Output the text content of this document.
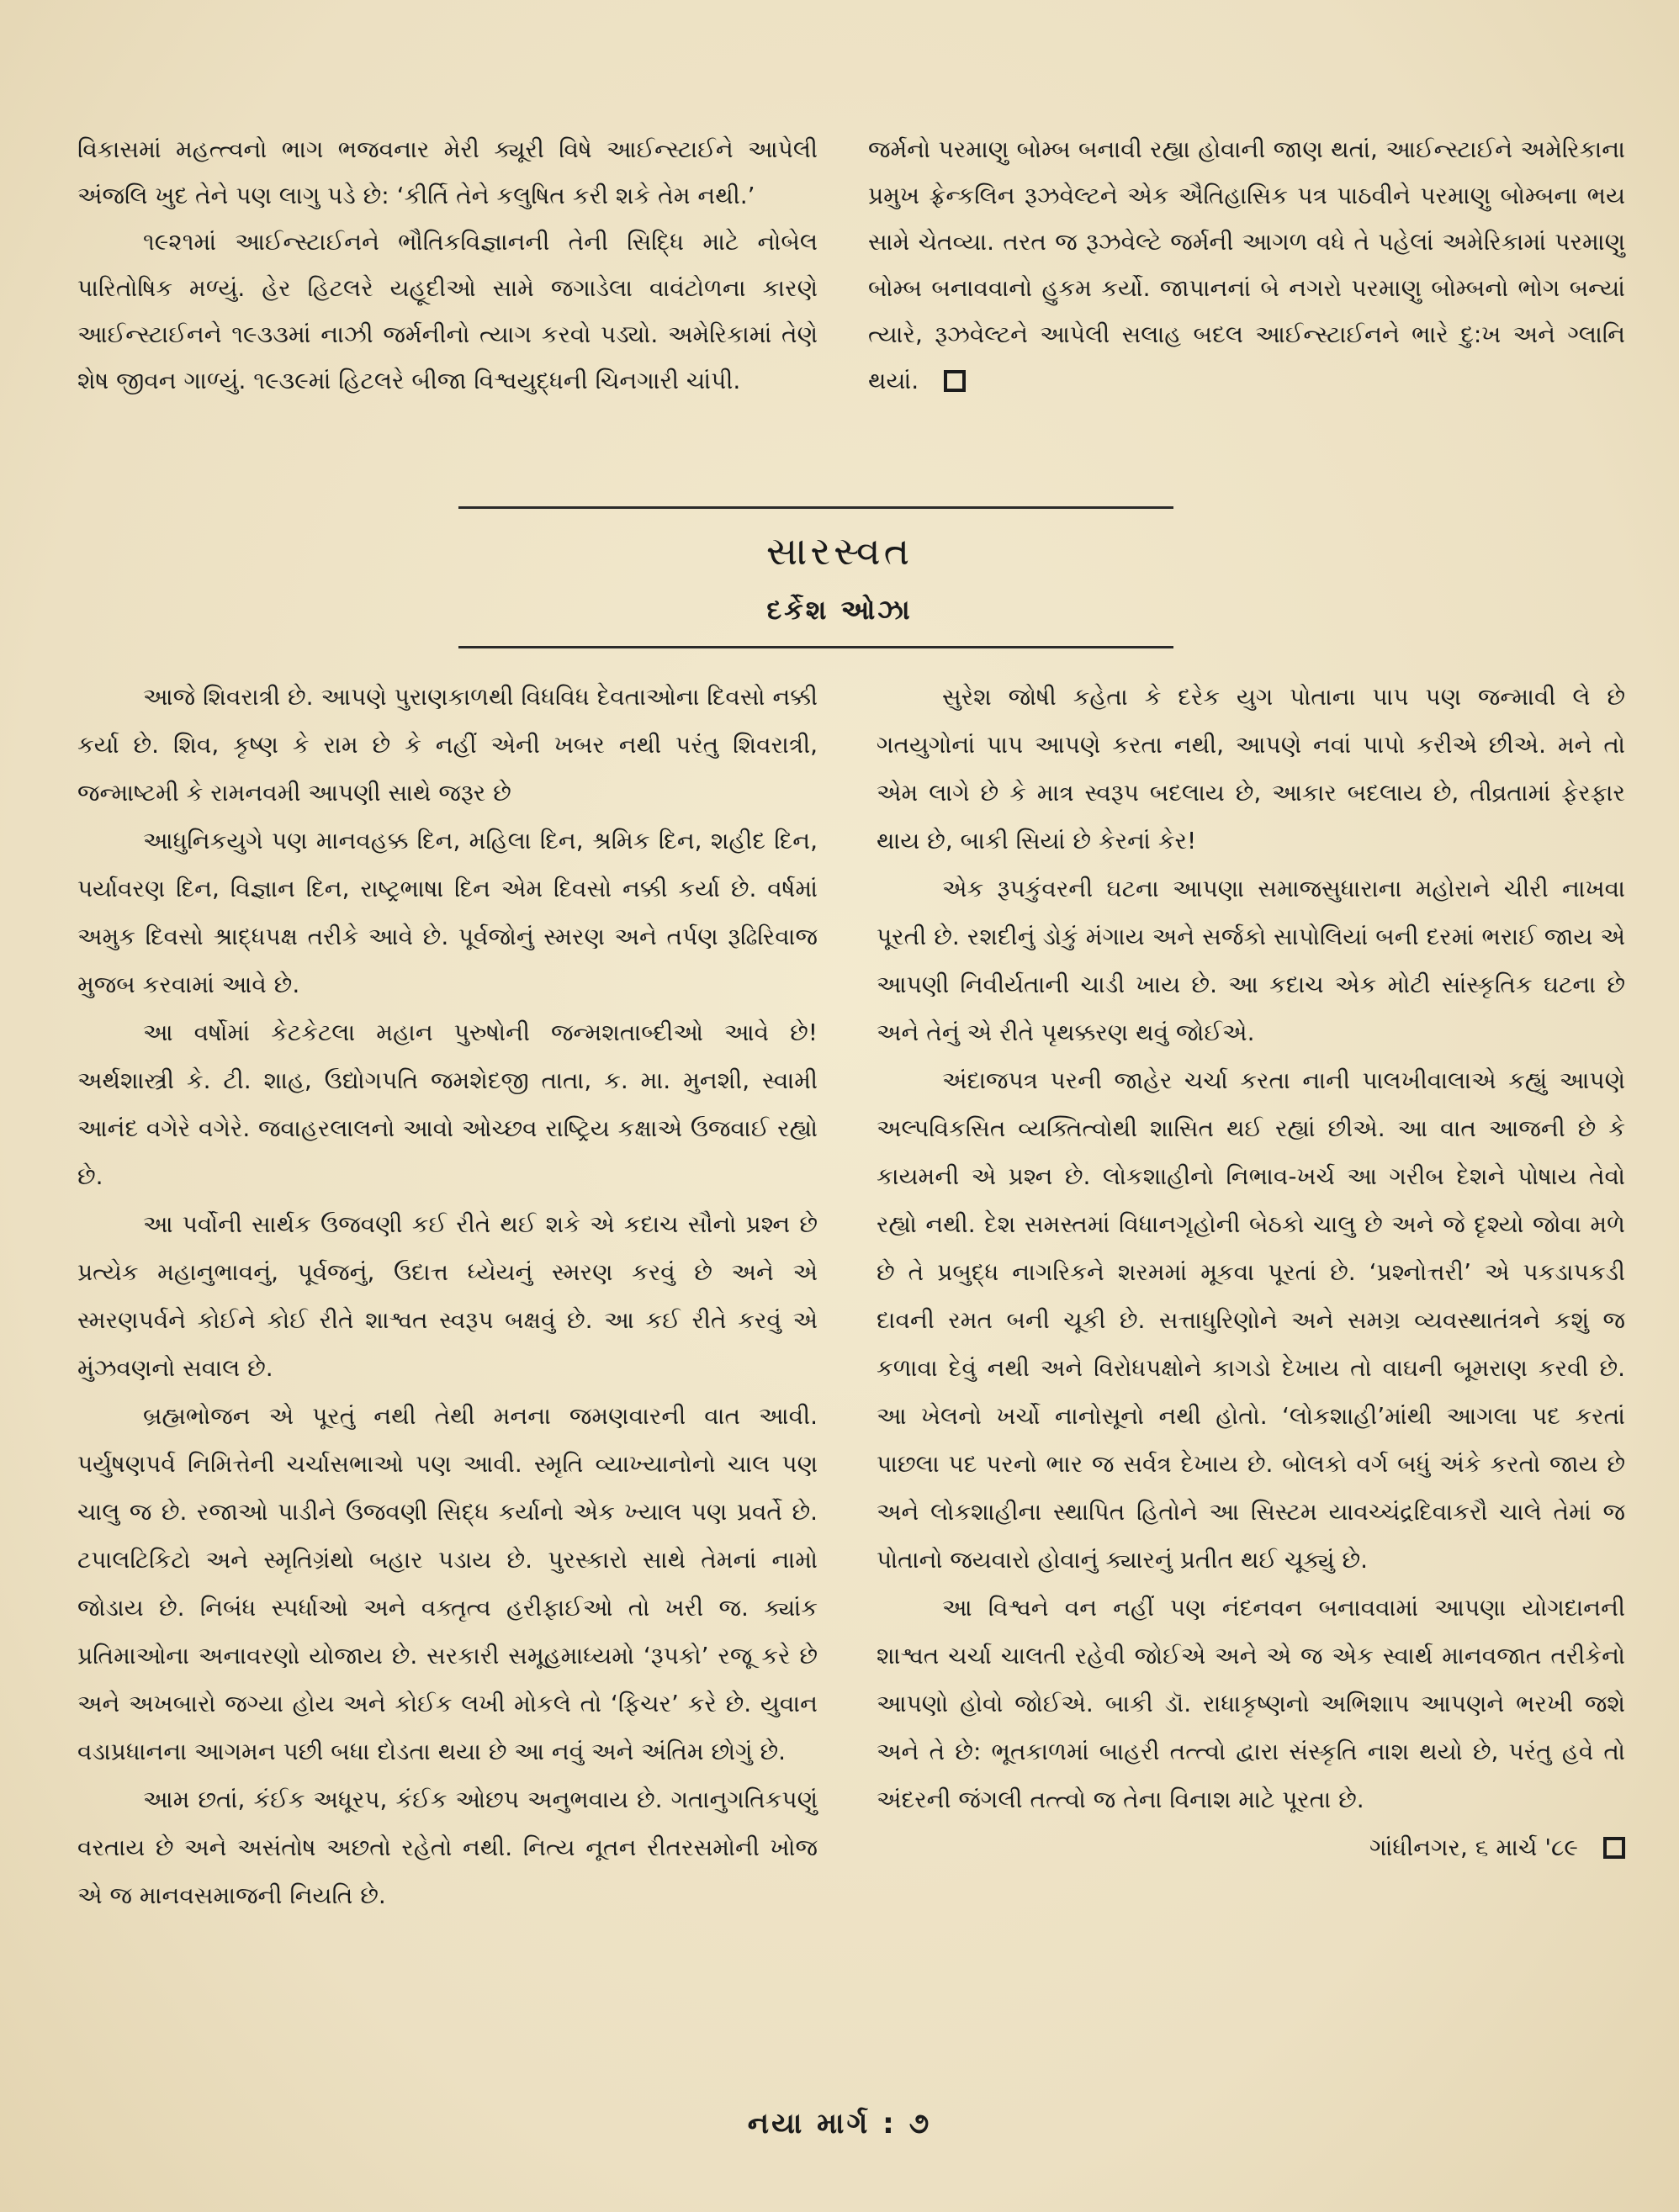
વિકાસમાં મહત્ત્વનો ભાગ ભજવનાર મેરી ક્યૂરી વિષે આઈન્સ્ટાઈને આપેલી અંજલિ ખુદ તેને પણ લાગુ પડે છે: ‘કીર્તિ તેને કલુષિત કરી શકે તેમ નથી.’

૧૯૨૧માં આઈન્સ્ટાઈનને ભૌતિકવિજ્ઞાનની તેની સિદ્ધિ માટે નોબેલ પારિતોષિક મળ્યું. હેર હિટલરે યહૂદીઓ સામે જગાડેલા વાવંટોળના કારણે આઈન્સ્ટાઈનને ૧૯૩૩માં નાઝી જર્મનીનો ત્યાગ કરવો પડ્યો. અમેરિકામાં તેણે શેષ જીવન ગાળ્યું. ૧૯૩૯માં હિટલરે બીજા વિશ્વયુદ્ધની ચિનગારી ચાંપી.

જર્મનો પરમાણુ બોમ્બ બનાવી રહ્યા હોવાની જાણ થતાં, આઈન્સ્ટાઈને અમેરિકાના પ્રમુખ ફ્રેન્કલિન રૂઝવેલ્ટને એક ઐતિહાસિક પત્ર પાઠવીને પરમાણુ બોમ્બના ભય સામે ચેતવ્યા. તરત જ રૂઝવેલ્ટે જર્મની આગળ વધે તે પહેલાં અમેરિકામાં પરમાણુ બોમ્બ બનાવવાનો હુકમ કર્યો. જાપાનનાં બે નગરો પરમાણુ બોમ્બનો ભોગ બન્યાં ત્યારે, રૂઝવેલ્ટને આપેલી સલાહ બદલ આઈન્સ્ટાઈનને ભારે દુ:ખ અને ગ્લાનિ થયાં.

સારસ્વત
દર્કેશ ઓઝા

આજે શિવરાત્રી છે. આપણે પુરાણકાળથી વિધવિધ દેવતાઓના દિવસો નક્કી કર્યા છે. શિવ, કૃષ્ણ કે રામ છે કે નહીં એની ખબર નથી પરંતુ શિવરાત્રી, જન્માષ્ટમી કે રામનવમી આપણી સાથે જરૂર છે

આધુનિકયુગે પણ માનવહક્ક દિન, મહિલા દિન, શ્રમિક દિન, શહીદ દિન, પર્યાવરણ દિન, વિજ્ઞાન દિન, રાષ્ટ્રભાષા દિન એમ દિવસો નક્કી કર્યા છે. વર્ષમાં અમુક દિવસો શ્રાદ્ધપક્ષ તરીકે આવે છે. પૂર્વજોનું સ્મરણ અને તર્પણ રૂઢિરિવાજ મુજબ કરવામાં આવે છે.

આ વર્ષોમાં કેટકેટલા મહાન પુરુષોની જન્મશતાબ્દીઓ આવે છે! અર્થશાસ્ત્રી કે. ટી. શાહ, ઉદ્યોગપતિ જમશેદજી તાતા, ક. મા. મુનશી, સ્વામી આનંદ વગેરે વગેરે. જવાહરલાલનો આવો ઓચ્છવ રાષ્ટ્રિય કક્ષાએ ઉજવાઈ રહ્યો છે.

આ પર્વોની સાર્થક ઉજવણી કઈ રીતે થઈ શકે એ કદાચ સૌનો પ્રશ્ન છે પ્રત્યેક મહાનુભાવનું, પૂર્વજનું, ઉદાત્ત ધ્યેયનું સ્મરણ કરવું છે અને એ સ્મરણપર્વને કોઈને કોઈ રીતે શાશ્વત સ્વરૂપ બક્ષવું છે. આ કઈ રીતે કરવું એ મુંઝવણનો સવાલ છે.

બ્રહ્મભોજન એ પૂરતું નથી તેથી મનના જમણવારની વાત આવી. પર્યુષણપર્વ નિમિત્તેની ચર્ચાસભાઓ પણ આવી. સ્મૃતિ વ્યાખ્યાનોનો ચાલ પણ ચાલુ જ છે. રજાઓ પાડીને ઉજવણી સિદ્ધ કર્યાનો એક ખ્યાલ પણ પ્રવર્તે છે. ટપાલટિકિટો અને સ્મૃતિગ્રંથો બહાર પડાય છે. પુરસ્કારો સાથે તેમનાં નામો જોડાય છે. નિબંધ સ્પર્ધાઓ અને વક્તૃત્વ હરીફાઈઓ તો ખરી જ. ક્યાંક પ્રતિમાઓના અનાવરણો યોજાય છે. સરકારી સમૂહમાધ્યમો ‘રૂપકો’ રજૂ કરે છે અને અખબારો જગ્યા હોય અને કોઈક લખી મોકલે તો ‘ફિચર’ કરે છે. યુવાન વડાપ્રધાનના આગમન પછી બધા દોડતા થયા છે આ નવું અને અંતિમ છોગું છે.

આમ છતાં, કંઈક અધૂરપ, કંઈક ઓછપ અનુભવાય છે. ગતાનુગતિકપણું વરતાય છે અને અસંતોષ અછતો રહેતો નથી. નિત્ય નૂતન રીતરસમોની ખોજ એ જ માનવસમાજની નિયતિ છે.

સુરેશ જોષી કહેતા કે દરેક યુગ પોતાના પાપ પણ જન્માવી લે છે ગતયુગોનાં પાપ આપણે કરતા નથી, આપણે નવાં પાપો કરીએ છીએ. મને તો એમ લાગે છે કે માત્ર સ્વરૂપ બદલાય છે, આકાર બદલાય છે, તીવ્રતામાં ફેરફાર થાય છે, બાકી સિયાં છે કેરનાં કેર!

એક રૂપકુંવરની ઘટના આપણા સમાજસુધારાના મહોરાને ચીરી નાખવા પૂરતી છે. રશદીનું ડોકું મંગાય અને સર્જકો સાપોલિયાં બની દરમાં ભરાઈ જાય એ આપણી નિવીર્યતાની ચાડી ખાય છે. આ કદાચ એક મોટી સાંસ્કૃતિક ઘટના છે અને તેનું એ રીતે પૃથક્કરણ થવું જોઈએ.

અંદાજપત્ર પરની જાહેર ચર્ચા કરતા નાની પાલખીવાલાએ કહ્યું આપણે અલ્પવિકસિત વ્યક્તિત્વોથી શાસિત થઈ રહ્યાં છીએ. આ વાત આજની છે કે કાયમની એ પ્રશ્ન છે. લોકશાહીનો નિભાવ-ખર્ચ આ ગરીબ દેશને પોષાય તેવો રહ્યો નથી. દેશ સમસ્તમાં વિધાનગૃહોની બેઠકો ચાલુ છે અને જે દૃશ્યો જોવા મળે છે તે પ્રબુદ્ધ નાગરિકને શરમમાં મૂકવા પૂરતાં છે. ‘પ્રશ્નોત્તરી’ એ પકડાપકડી દાવની રમત બની ચૂકી છે. સત્તાધુરિણોને અને સમગ્ર વ્યવસ્થાતંત્રને કશું જ કળાવા દેવું નથી અને વિરોધપક્ષોને કાગડો દેખાય તો વાઘની બૂમરાણ કરવી છે. આ ખેલનો ખર્ચો નાનોસૂનો નથી હોતો. ‘લોકશાહી’માંથી આગલા પદ કરતાં પાછલા પદ પરનો ભાર જ સર્વત્ર દેખાય છે. બોલકો વર્ગ બધું અંકે કરતો જાય છે અને લોકશાહીના સ્થાપિત હિતોને આ સિસ્ટમ યાવચ્ચંદ્રદિવાકરૌ ચાલે તેમાં જ પોતાનો જયવારો હોવાનું ક્યારનું પ્રતીત થઈ ચૂક્યું છે.

આ વિશ્વને વન નહીં પણ નંદનવન બનાવવામાં આપણા યોગદાનની શાશ્વત ચર્ચા ચાલતી રહેવી જોઈએ અને એ જ એક સ્વાર્થ માનવજાત તરીકેનો આપણો હોવો જોઈએ. બાકી ડૉ. રાધાકૃષ્ણનો અભિશાપ આપણને ભરખી જશે અને તે છે: ભૂતકાળમાં બાહરી તત્ત્વો દ્વારા સંસ્કૃતિ નાશ થયો છે, પરંતુ હવે તો અંદરની જંગલી તત્ત્વો જ તેના વિનાશ માટે પૂરતા છે.

ગાંધીનગર, ૬ માર્ચ '૮૯

નયા માર્ગ : ૭
